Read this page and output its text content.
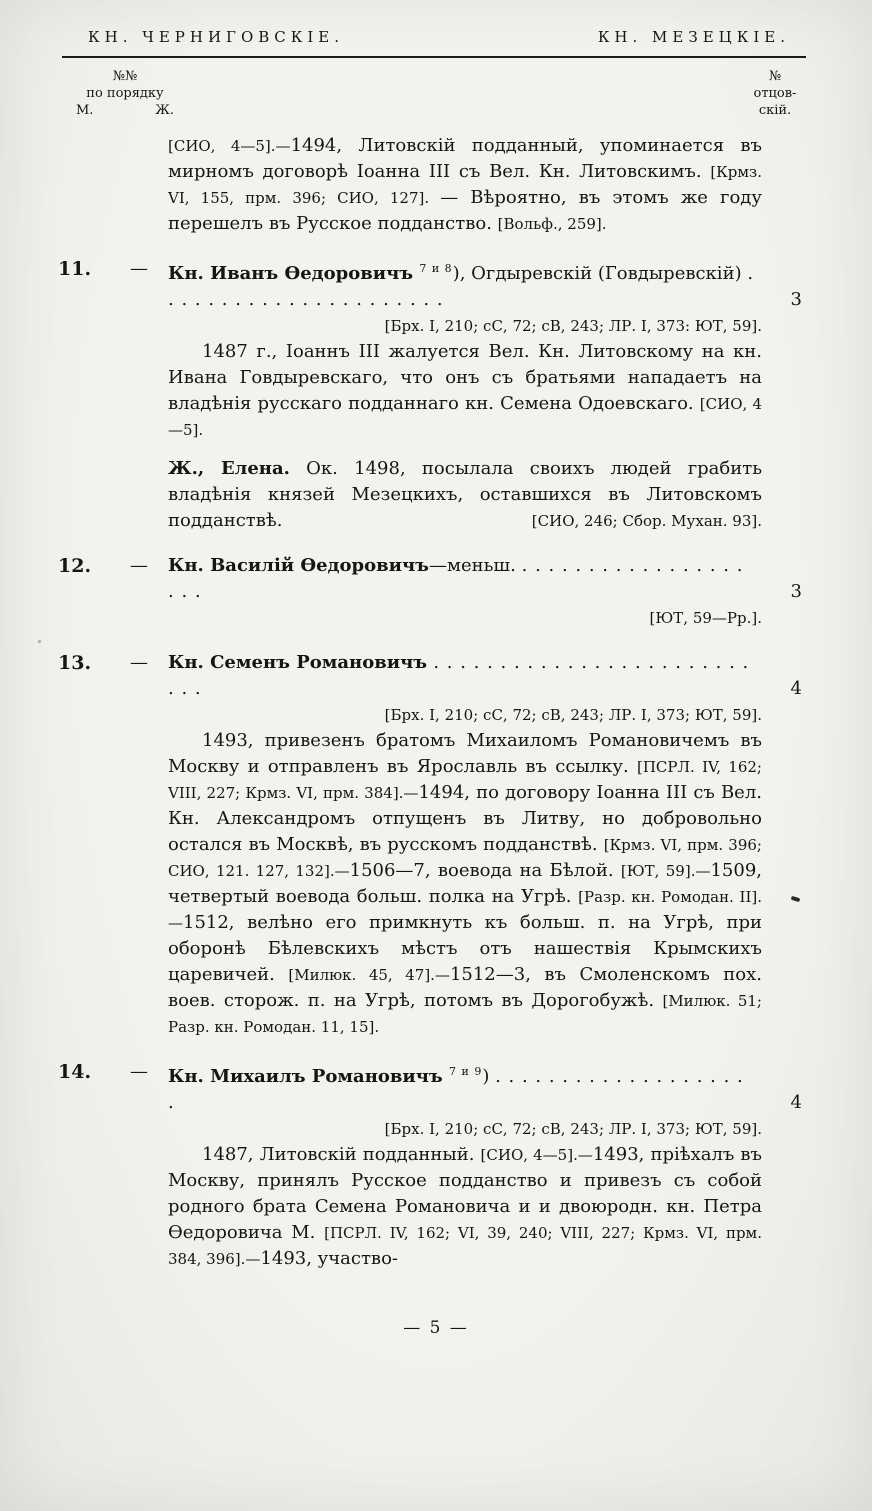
КН. ЧЕРНИГОВСКІЕ.	КН. МЕЗЕЦКІЕ.
№№
по порядку
М.	Ж.
№
отцов-
скій.
[СИО, 4—5].—1494, Литовскій подданный, упоминается въ мирномъ договорѣ Іоанна III съ Вел. Кн. Литовскимъ. [Крмз. VI, 155, прм. 396; СИО, 127]. — Вѣроятно, въ этомъ же году перешелъ въ Русское подданство. [Вольф., 259].
11.	—	Кн. Иванъ Ѳедоровичъ $^{7 и 8}$), Огдыревскій (Говдыревскій) . . . . . . . . . . . . . . . . . . . . . .	3
[Брх. I, 210; сС, 72; сВ, 243; ЛР. I, 373: ЮТ, 59].
1487 г., Іоаннъ III жалуется Вел. Кн. Литовскому на кн. Ивана Говдыревскаго, что онъ съ братьями нападаетъ на владѣнія русскаго подданнаго кн. Семена Одоевскаго. [СИО, 4—5].
Ж., Елена. Ок. 1498, посылала своихъ людей грабить владѣнія князей Мезецкихъ, оставшихся въ Литовскомъ подданствѣ.	[СИО, 246; Сбор. Мухан. 93].
12.	—	Кн. Василій Ѳедоровичъ—меньш. . . . . . . . . . . . . . . . . . . . .	3
[ЮТ, 59—Рр.].
13.	—	Кн. Семенъ Романовичъ . . . . . . . . . . . . . . . . . . . . . . . . . . .	4
[Брх. I, 210; сС, 72; сВ, 243; ЛР. I, 373; ЮТ, 59].
1493, привезенъ братомъ Михаиломъ Романовичемъ въ Москву и отправленъ въ Ярославль въ ссылку. [ПСРЛ. IV, 162; VIII, 227; Крмз. VI, прм. 384].—1494, по договору Іоанна III съ Вел. Кн. Александромъ отпущенъ въ Литву, но добровольно остался въ Москвѣ, въ русскомъ подданствѣ. [Крмз. VI, прм. 396; СИО, 121. 127, 132].—1506—7, воевода на Бѣлой. [ЮТ, 59].—1509, четвертый воевода больш. полка на Угрѣ. [Разр. кн. Ромодан. II].—1512, велѣно его примкнуть къ больш. п. на Угрѣ, при оборонѣ Бѣлевскихъ мѣстъ отъ нашествія Крымскихъ царевичей. [Милюк. 45, 47].—1512—3, въ Смоленскомъ пох. воев. сторож. п. на Угрѣ, потомъ въ Дорогобужѣ. [Милюк. 51; Разр. кн. Ромодан. 11, 15].
14.	—	Кн. Михаилъ Романовичъ $^{7 и 9}$) . . . . . . . . . . . . . . . . . . . .	4
[Брх. I, 210; сС, 72; сВ, 243; ЛР. I, 373; ЮТ, 59].
1487, Литовскій подданный. [СИО, 4—5].—1493, пріѣхалъ въ Москву, принялъ Русское подданство и привезъ съ собой родного брата Семена Романовича и и двоюродн. кн. Петра Ѳедоровича М. [ПСРЛ. IV, 162; VI, 39, 240; VIII, 227; Крмз. VI, прм. 384, 396].—1493, участво-
— 5 —
